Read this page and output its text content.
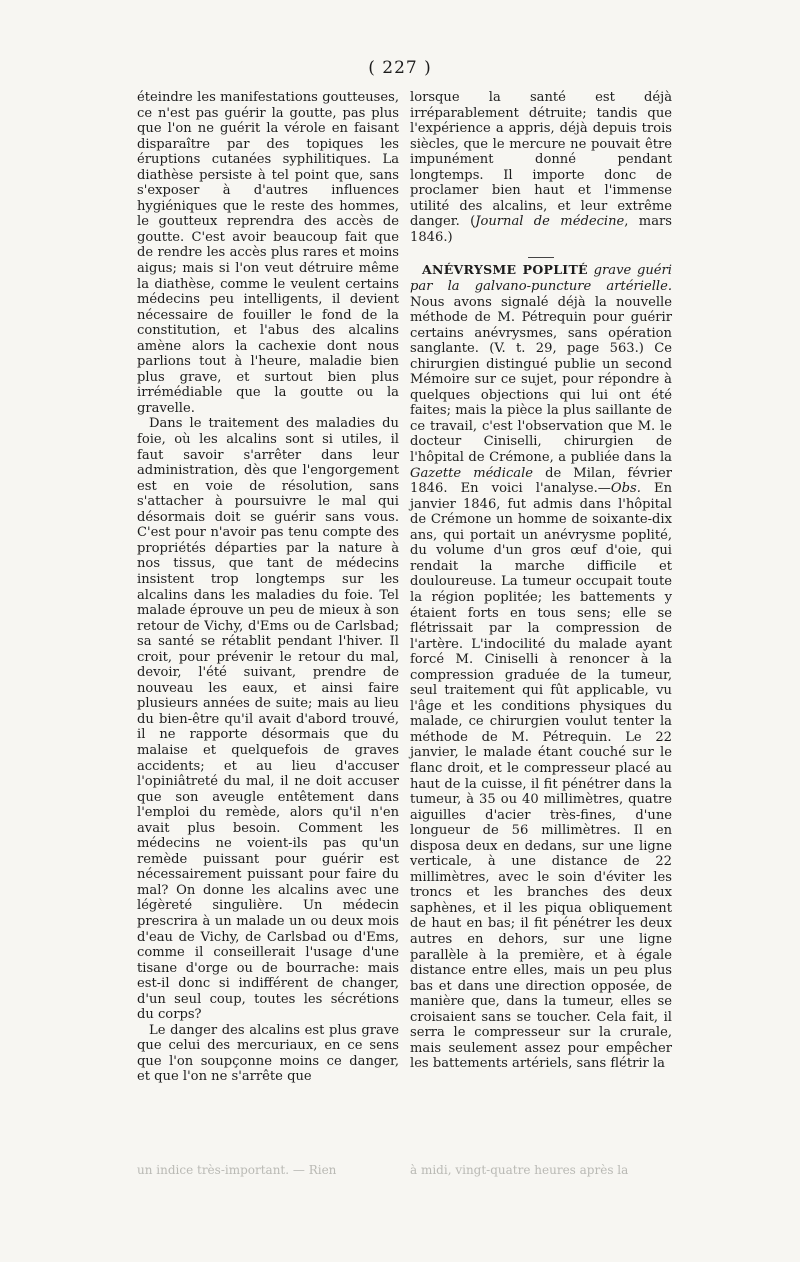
( 227 )

éteindre les manifestations goutteuses, ce n'est pas guérir la goutte, pas plus que l'on ne guérit la vérole en faisant disparaître par des topiques les éruptions cutanées syphilitiques. La diathèse persiste à tel point que, sans s'exposer à d'autres influences hygiéniques que le reste des hommes, le goutteux reprendra des accès de goutte. C'est avoir beaucoup fait que de rendre les accès plus rares et moins aigus; mais si l'on veut détruire même la diathèse, comme le veulent certains médecins peu intelligents, il devient nécessaire de fouiller le fond de la constitution, et l'abus des alcalins amène alors la cachexie dont nous parlions tout à l'heure, maladie bien plus grave, et surtout bien plus irrémédiable que la goutte ou la gravelle.

Dans le traitement des maladies du foie, où les alcalins sont si utiles, il faut savoir s'arrêter dans leur administration, dès que l'engorgement est en voie de résolution, sans s'attacher à poursuivre le mal qui désormais doit se guérir sans vous. C'est pour n'avoir pas tenu compte des propriétés départies par la nature à nos tissus, que tant de médecins insistent trop longtemps sur les alcalins dans les maladies du foie. Tel malade éprouve un peu de mieux à son retour de Vichy, d'Ems ou de Carlsbad; sa santé se rétablit pendant l'hiver. Il croit, pour prévenir le retour du mal, devoir, l'été suivant, prendre de nouveau les eaux, et ainsi faire plusieurs années de suite; mais au lieu du bien-être qu'il avait d'abord trouvé, il ne rapporte désormais que du malaise et quelquefois de graves accidents; et au lieu d'accuser l'opiniâtreté du mal, il ne doit accuser que son aveugle entêtement dans l'emploi du remède, alors qu'il n'en avait plus besoin. Comment les médecins ne voient-ils pas qu'un remède puissant pour guérir est nécessairement puissant pour faire du mal? On donne les alcalins avec une légèreté singulière. Un médecin prescrira à un malade un ou deux mois d'eau de Vichy, de Carlsbad ou d'Ems, comme il conseillerait l'usage d'une tisane d'orge ou de bourrache: mais est-il donc si indifférent de changer, d'un seul coup, toutes les sécrétions du corps?

Le danger des alcalins est plus grave que celui des mercuriaux, en ce sens que l'on soupçonne moins ce danger, et que l'on ne s'arrête que

lorsque la santé est déjà irréparablement détruite; tandis que l'expérience a appris, déjà depuis trois siècles, que le mercure ne pouvait être impunément donné pendant longtemps. Il importe donc de proclamer bien haut et l'immense utilité des alcalins, et leur extrême danger. (Journal de médecine, mars 1846.)

ANÉVRYSME POPLITÉ grave guéri par la galvano-puncture artérielle. Nous avons signalé déjà la nouvelle méthode de M. Pétrequin pour guérir certains anévrysmes, sans opération sanglante. (V. t. 29, page 563.) Ce chirurgien distingué publie un second Mémoire sur ce sujet, pour répondre à quelques objections qui lui ont été faites; mais la pièce la plus saillante de ce travail, c'est l'observation que M. le docteur Ciniselli, chirurgien de l'hôpital de Crémone, a publiée dans la Gazette médicale de Milan, février 1846. En voici l'analyse.—Obs. En janvier 1846, fut admis dans l'hôpital de Crémone un homme de soixante-dix ans, qui portait un anévrysme poplité, du volume d'un gros œuf d'oie, qui rendait la marche difficile et douloureuse. La tumeur occupait toute la région poplitée; les battements y étaient forts en tous sens; elle se flétrissait par la compression de l'artère. L'indocilité du malade ayant forcé M. Ciniselli à renoncer à la compression graduée de la tumeur, seul traitement qui fût applicable, vu l'âge et les conditions physiques du malade, ce chirurgien voulut tenter la méthode de M. Pétrequin. Le 22 janvier, le malade étant couché sur le flanc droit, et le compresseur placé au haut de la cuisse, il fit pénétrer dans la tumeur, à 35 ou 40 millimètres, quatre aiguilles d'acier très-fines, d'une longueur de 56 millimètres. Il en disposa deux en dedans, sur une ligne verticale, à une distance de 22 millimètres, avec le soin d'éviter les troncs et les branches des deux saphènes, et il les piqua obliquement de haut en bas; il fit pénétrer les deux autres en dehors, sur une ligne parallèle à la première, et à égale distance entre elles, mais un peu plus bas et dans une direction opposée, de manière que, dans la tumeur, elles se croisaient sans se toucher. Cela fait, il serra le compresseur sur la crurale, mais seulement assez pour empêcher les battements artériels, sans flétrir la

un indice très-important. — Rien	à midi, vingt-quatre heures après la
